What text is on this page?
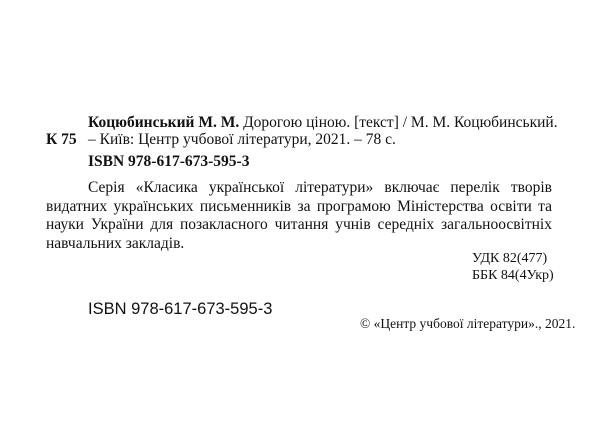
Коцюбинський М. М. Дорогою ціною. [текст] / М. М. Коцюбинський.
К 75 – Київ: Центр учбової літератури, 2021. – 78 с.
ISBN 978-617-673-595-3
Серія «Класика української літератури» включає перелік творів видатних українських письменників за програмою Міністерства освіти та науки України для позакласного читання учнів середніх загальноосвітніх навчальних закладів.
УДК 82(477)
ББК 84(4Укр)
ISBN 978-617-673-595-3
© «Центр учбової літератури»., 2021.
